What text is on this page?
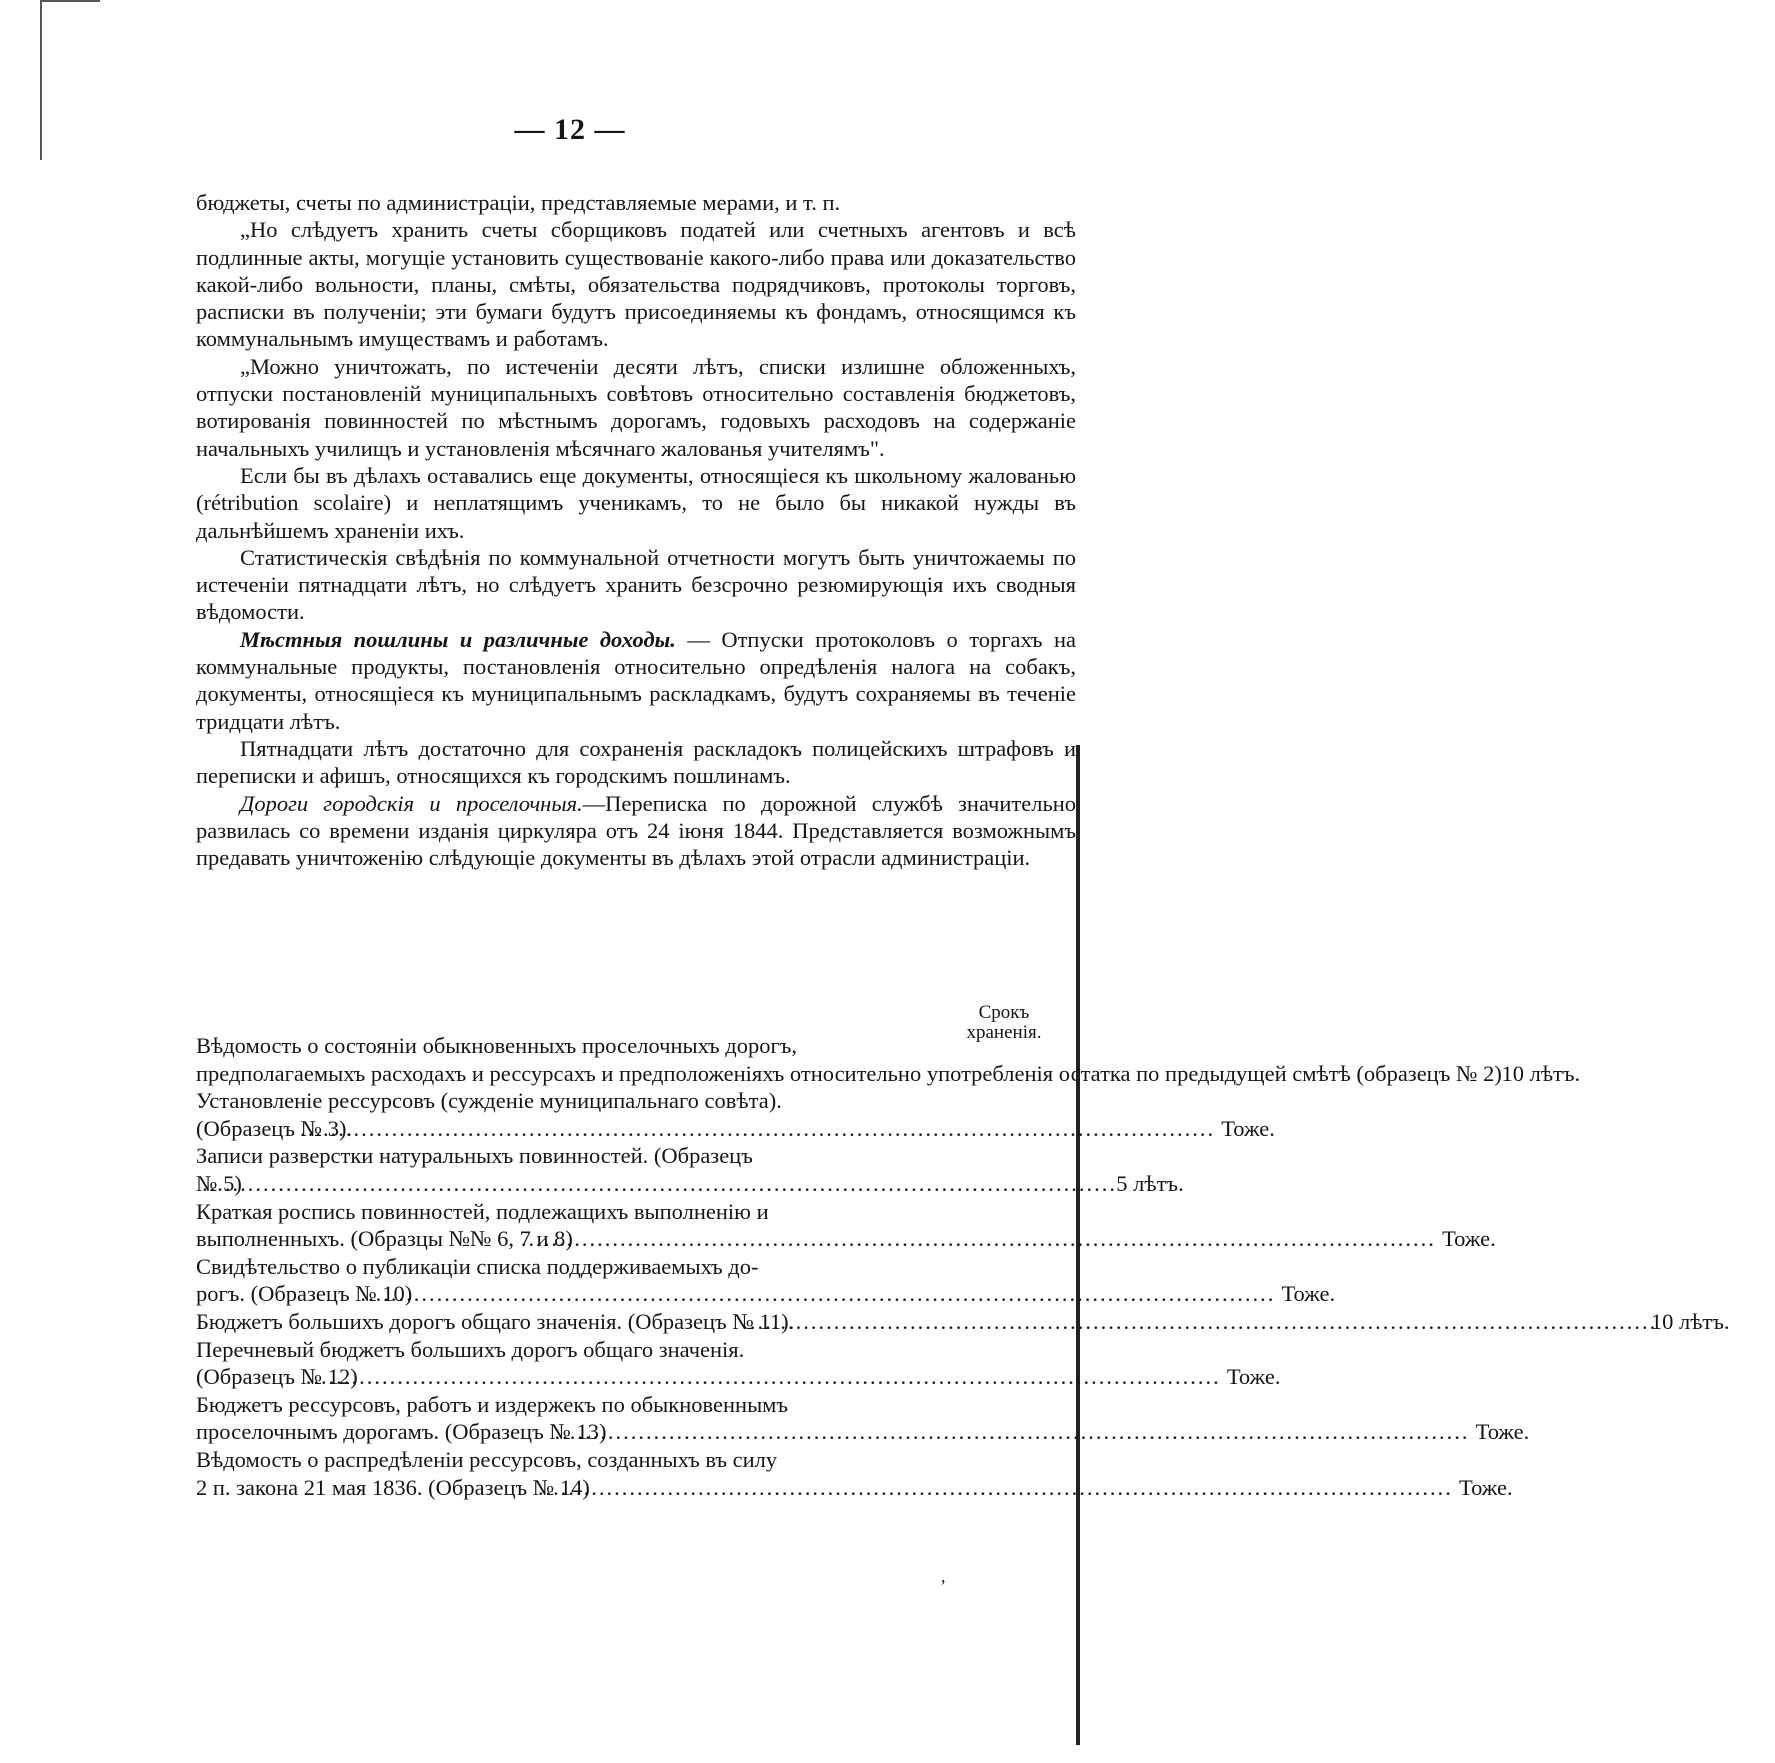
— 12 —

бюджеты, счеты по администраціи, представляемые мерами, и т. п.

„Но слѣдуетъ хранить счеты сборщиковъ податей или счетныхъ агентовъ и всѣ подлинные акты, могущіе установить существованіе какого-либо права или доказательство какой-либо вольности, планы, смѣты, обязательства подрядчиковъ, протоколы торговъ, расписки въ полученіи; эти бумаги будутъ присоединяемы къ фондамъ, относящимся къ коммунальнымъ имуществамъ и работамъ.

„Можно уничтожать, по истеченіи десяти лѣтъ, списки излишне обложенныхъ, отпуски постановленій муниципальныхъ совѣтовъ относительно составленія бюджетовъ, вотированія повинностей по мѣстнымъ дорогамъ, годовыхъ расходовъ на содержаніе начальныхъ училищъ и установленія мѣсячнаго жалованья учителямъ".

Если бы въ дѣлахъ оставались еще документы, относящіеся къ школьному жалованью (rétribution scolaire) и неплатящимъ ученикамъ, то не было бы никакой нужды въ дальнѣйшемъ храненіи ихъ.

Статистическія свѣдѣнія по коммунальной отчетности могутъ быть уничтожаемы по истеченіи пятнадцати лѣтъ, но слѣдуетъ хранить безсрочно резюмирующія ихъ сводныя вѣдомости.

Мѣстныя пошлины и различные доходы. — Отпуски протоколовъ о торгахъ на коммунальные продукты, постановленія относительно опредѣленія налога на собакъ, документы, относящіеся къ муниципальнымъ раскладкамъ, будутъ сохраняемы въ теченіе тридцати лѣтъ.

Пятнадцати лѣтъ достаточно для сохраненія раскладокъ полицейскихъ штрафовъ и переписки и афишъ, относящихся къ городскимъ пошлинамъ.

Дороги городскія и проселочныя.—Переписка по дорожной службѣ значительно развилась со времени изданія циркуляра отъ 24 іюня 1844. Представляется возможнымъ предавать уничтоженію слѣдующіе документы въ дѣлахъ этой отрасли администраціи.

Срокъ
храненія.
Вѣдомость о состояніи обыкновенныхъ проселочныхъ дорогъ,
предполагаемыхъ расходахъ и рессурсахъ и предположеніяхъ относительно употребленія остатка по предыдущей смѣтѣ (образецъ № 2) 10 лѣтъ.
Установленіе рессурсовъ (сужденіе муниципальнаго совѣта).
(Образецъ № 3). .....	Тоже.
Записи разверстки натуральныхъ повинностей. (Образецъ
№ 5) .....	5 лѣтъ.
Краткая роспись повинностей, подлежащихъ выполненію и
выполненныхъ. (Образцы №№ 6, 7 и 8) .....	Тоже.
Свидѣтельство о публикаціи списка поддерживаемыхъ до-
рогъ. (Образецъ № 10) .....	Тоже.
Бюджетъ большихъ дорогъ общаго значенія. (Образецъ № 11). .....	10 лѣтъ.
Перечневый бюджетъ большихъ дорогъ общаго значенія.
(Образецъ № 12) .....	Тоже.
Бюджетъ рессурсовъ, работъ и издержекъ по обыкновеннымъ
проселочнымъ дорогамъ. (Образецъ № 13) .....	Тоже.
Вѣдомость о распредѣленіи рессурсовъ, созданныхъ въ силу
2 п. закона 21 мая 1836. (Образецъ № 14) .....	Тоже.
,
